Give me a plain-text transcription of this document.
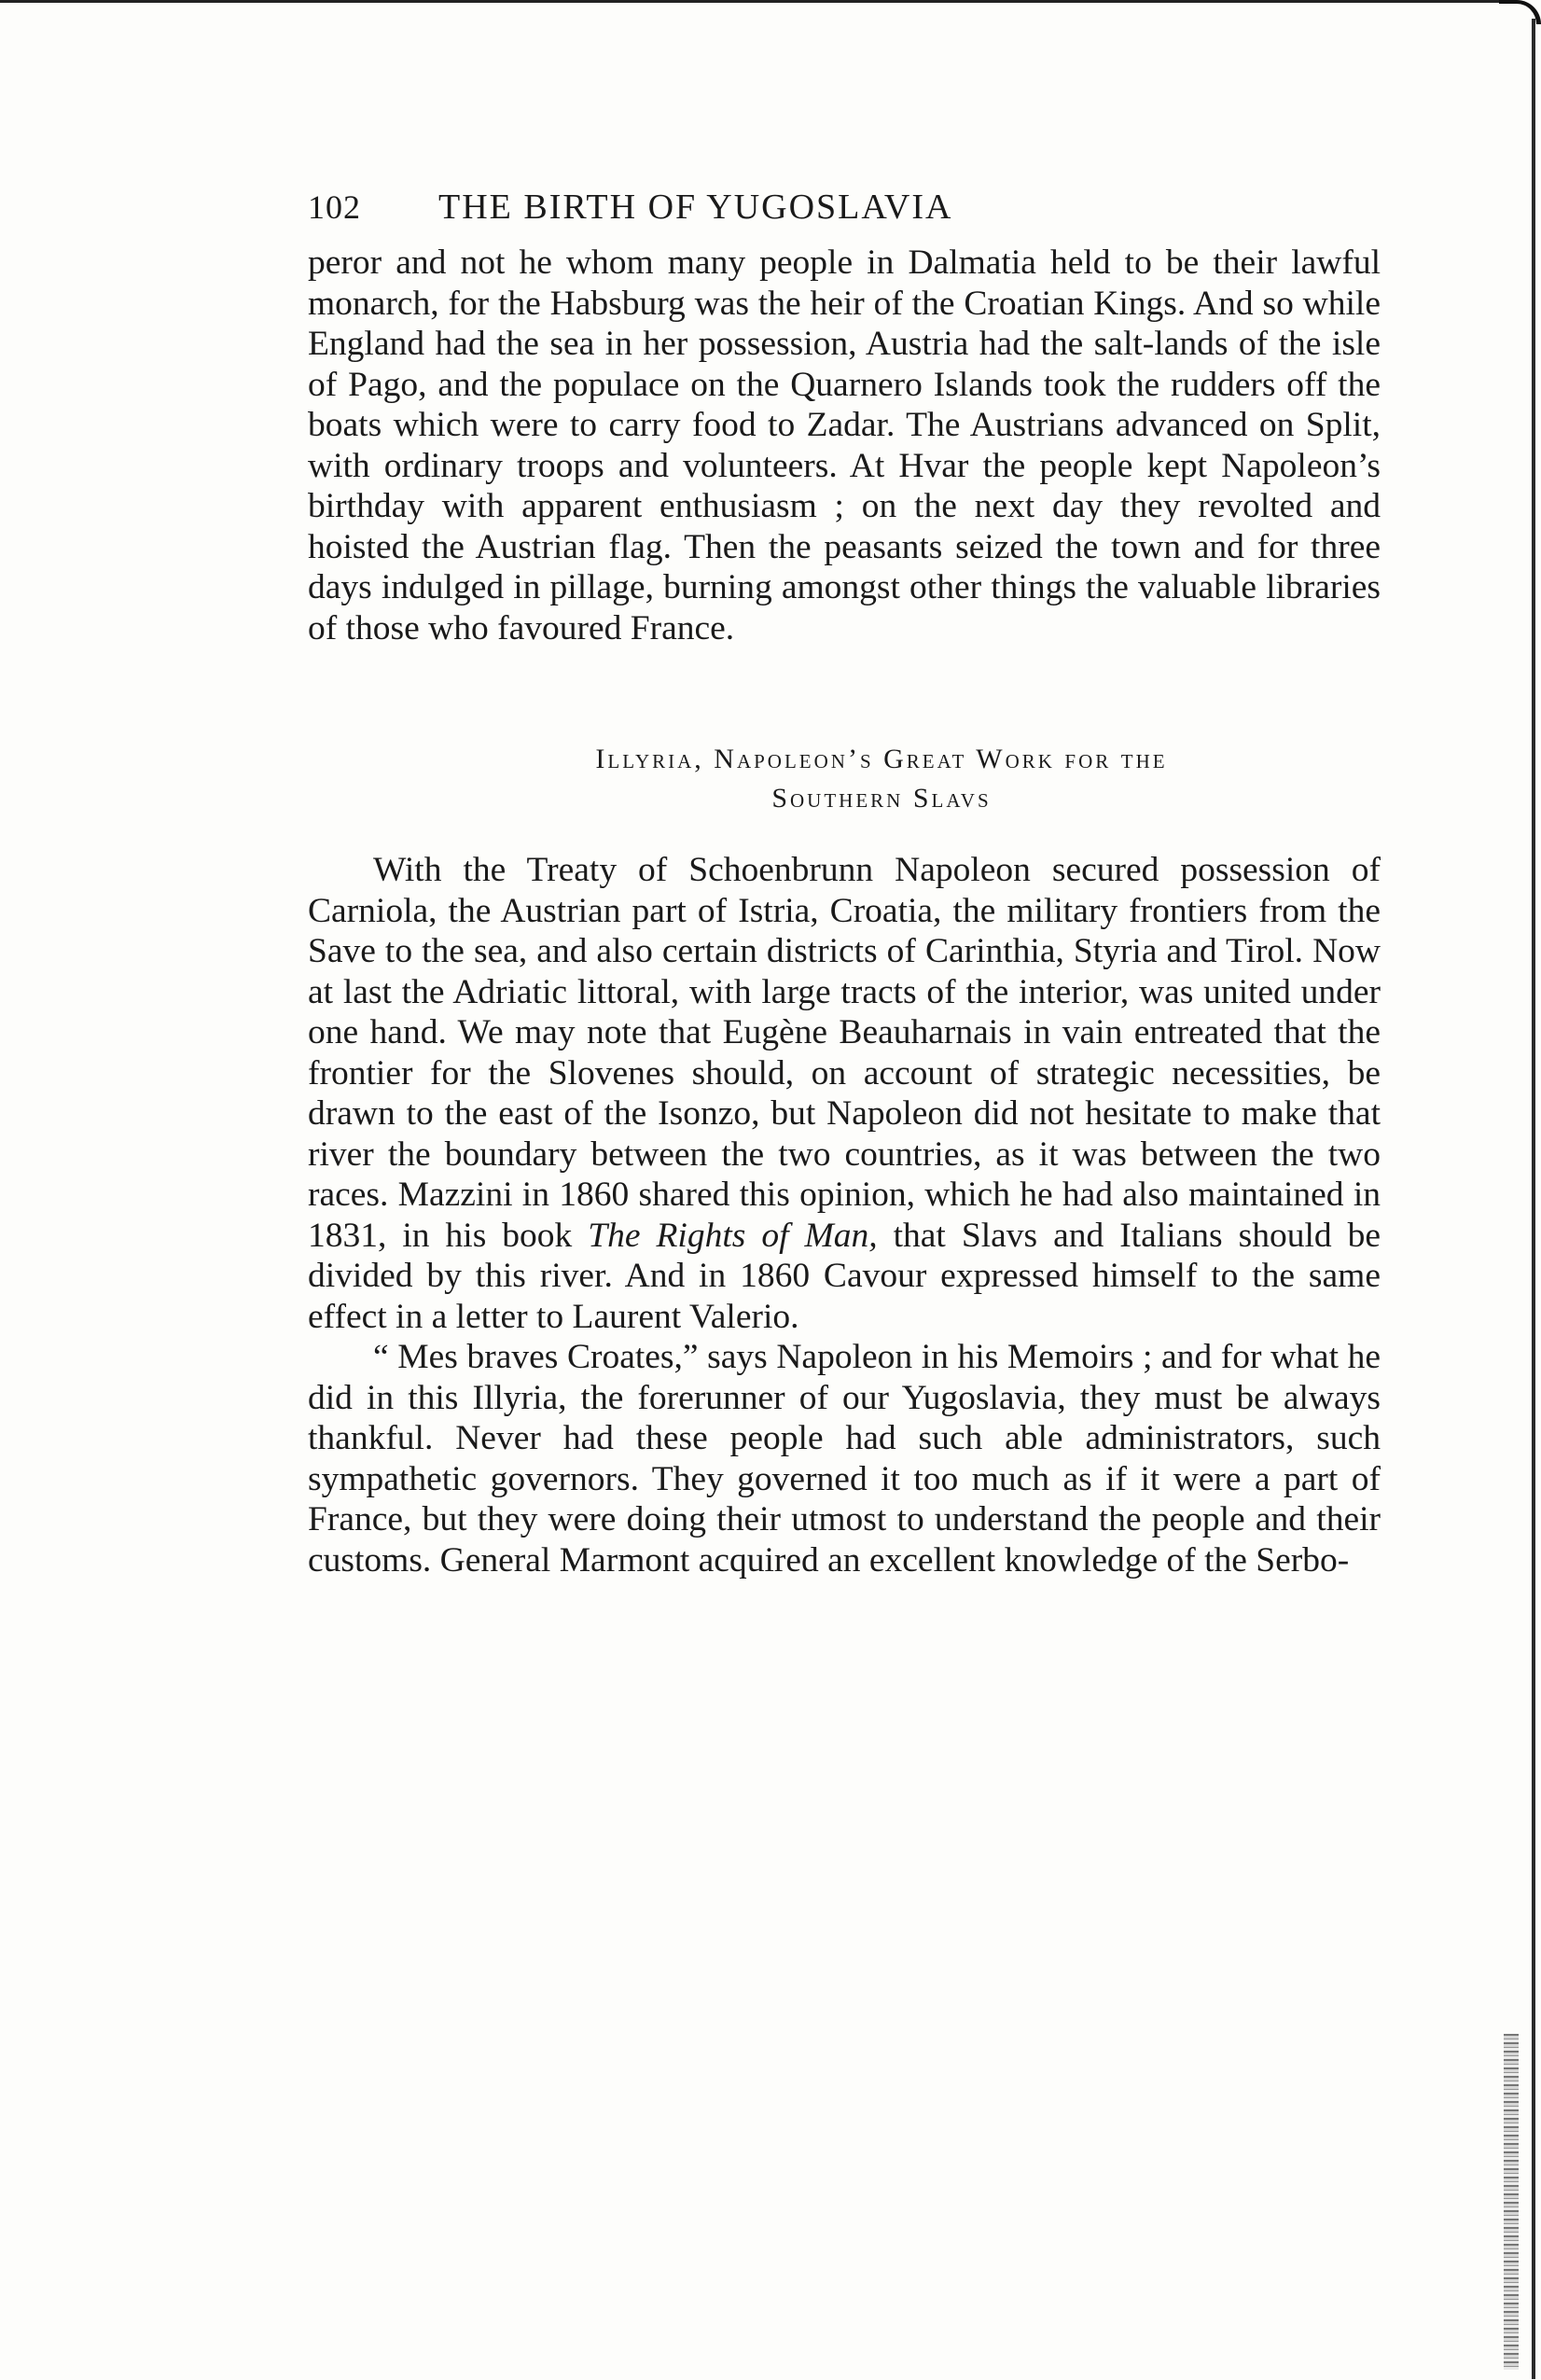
102	THE BIRTH OF YUGOSLAVIA

peror and not he whom many people in Dalmatia held to be their lawful monarch, for the Habsburg was the heir of the Croatian Kings. And so while England had the sea in her possession, Austria had the salt-lands of the isle of Pago, and the populace on the Quarnero Islands took the rudders off the boats which were to carry food to Zadar. The Austrians advanced on Split, with ordinary troops and volunteers. At Hvar the people kept Napoleon’s birthday with apparent enthusiasm ; on the next day they revolted and hoisted the Austrian flag. Then the peasants seized the town and for three days indulged in pillage, burning amongst other things the valuable libraries of those who favoured France.

Illyria, Napoleon’s Great Work for the
Southern Slavs

With the Treaty of Schoenbrunn Napoleon secured possession of Carniola, the Austrian part of Istria, Croatia, the military frontiers from the Save to the sea, and also certain districts of Carinthia, Styria and Tirol. Now at last the Adriatic littoral, with large tracts of the interior, was united under one hand. We may note that Eugène Beauharnais in vain entreated that the frontier for the Slovenes should, on account of strategic necessities, be drawn to the east of the Isonzo, but Napoleon did not hesitate to make that river the boundary between the two countries, as it was between the two races. Mazzini in 1860 shared this opinion, which he had also maintained in 1831, in his book The Rights of Man, that Slavs and Italians should be divided by this river. And in 1860 Cavour expressed himself to the same effect in a letter to Laurent Valerio.

“ Mes braves Croates,” says Napoleon in his Memoirs ; and for what he did in this Illyria, the forerunner of our Yugoslavia, they must be always thankful. Never had these people had such able administrators, such sympathetic governors. They governed it too much as if it were a part of France, but they were doing their utmost to understand the people and their customs. General Marmont acquired an excellent knowledge of the Serbo-
